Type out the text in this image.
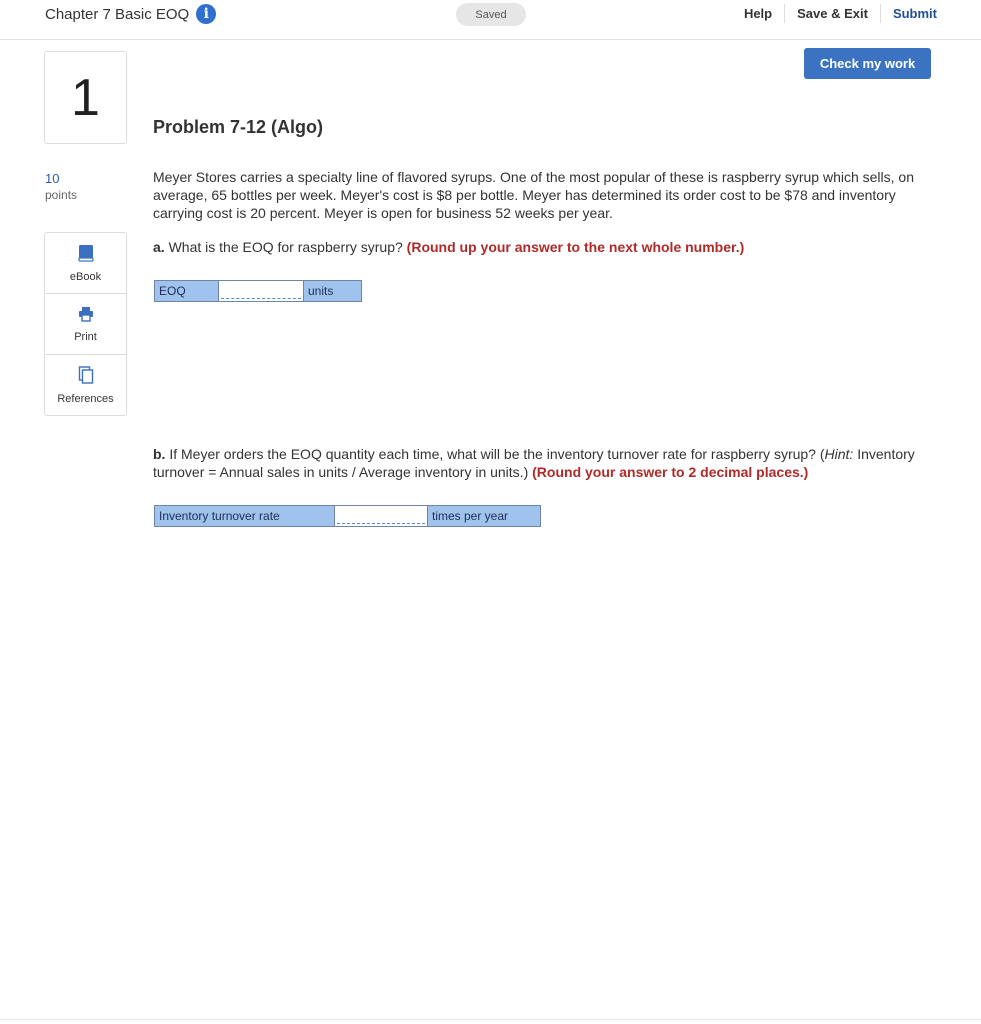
Chapter 7 Basic EOQ	i	Saved	Help	Save & Exit	Submit
Check my work
1
10
points
eBook
Print
References
Problem 7-12 (Algo)
Meyer Stores carries a specialty line of flavored syrups. One of the most popular of these is raspberry syrup which sells, on average, 65 bottles per week. Meyer's cost is $8 per bottle. Meyer has determined its order cost to be $78 and inventory carrying cost is 20 percent. Meyer is open for business 52 weeks per year.
a. What is the EOQ for raspberry syrup? (Round up your answer to the next whole number.)
EOQ	units
b. If Meyer orders the EOQ quantity each time, what will be the inventory turnover rate for raspberry syrup? (Hint: Inventory turnover = Annual sales in units / Average inventory in units.) (Round your answer to 2 decimal places.)
Inventory turnover rate	times per year
